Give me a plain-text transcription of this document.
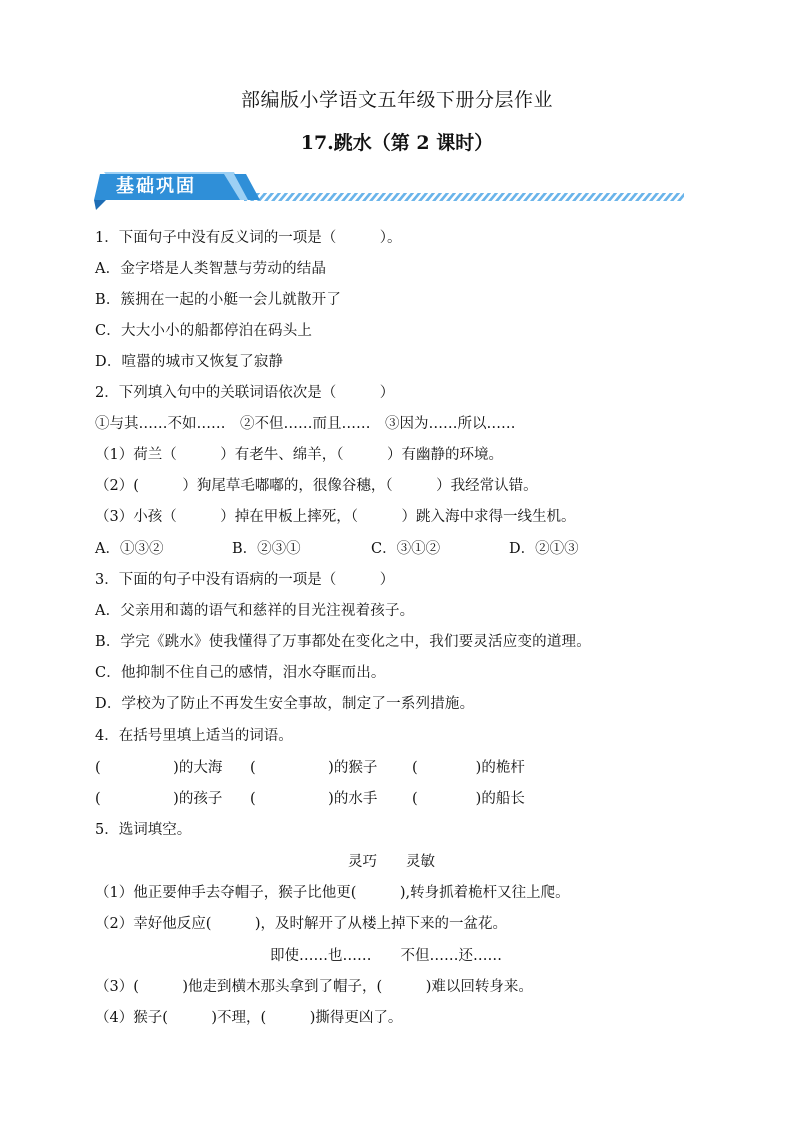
部编版小学语文五年级下册分层作业
17.跳水（第 2 课时）
基础巩固
1．下面句子中没有反义词的一项是（　　　）。
A．金字塔是人类智慧与劳动的结晶
B．簇拥在一起的小艇一会儿就散开了
C．大大小小的船都停泊在码头上
D．喧嚣的城市又恢复了寂静
2．下列填入句中的关联词语依次是（　　　）
①与其……不如……　②不但……而且……　③因为……所以……
（1）荷兰（　　　）有老牛、绵羊，（　　　）有幽静的环境。
（2）(　　　）狗尾草毛嘟嘟的，很像谷穗，（　　　）我经常认错。
（3）小孩（　　　）掉在甲板上摔死，（　　　）跳入海中求得一线生机。
A．①③②	B．②③①	C．③①②	D．②①③
3．下面的句子中没有语病的一项是（　　　）
A．父亲用和蔼的语气和慈祥的目光注视着孩子。
B．学完《跳水》使我懂得了万事都处在变化之中，我们要灵活应变的道理。
C．他抑制不住自己的感情，泪水夺眶而出。
D．学校为了防止不再发生安全事故，制定了一系列措施。
4．在括号里填上适当的词语。
(　　　　　)的大海 (　　　　　)的猴子 (　　　　)的桅杆
(　　　　　)的孩子 (　　　　　)的水手 (　　　　)的船长
5．选词填空。
灵巧　　灵敏
（1）他正要伸手去夺帽子，猴子比他更(　　　),转身抓着桅杆又往上爬。
（2）幸好他反应(　　　)，及时解开了从楼上掉下来的一盆花。
即使……也……　　不但……还……
（3）(　　　)他走到横木那头拿到了帽子，(　　　)难以回转身来。
（4）猴子(　　　)不理，(　　　)撕得更凶了。
